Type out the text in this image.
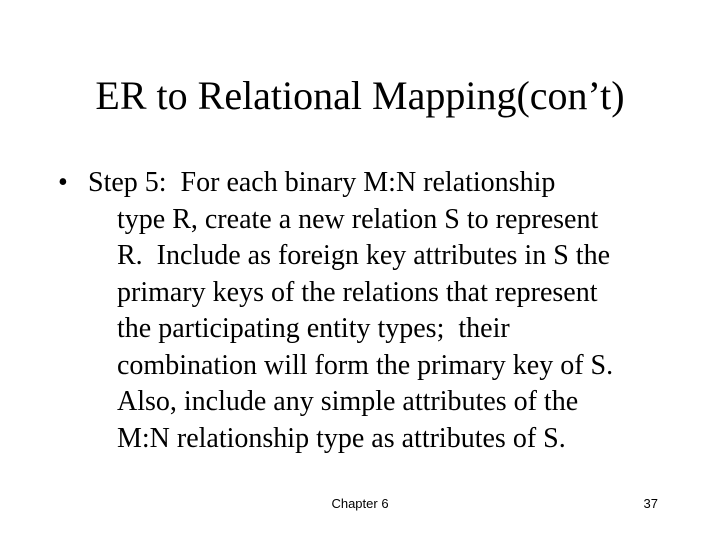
ER to Relational Mapping(con’t)
• Step 5:  For each binary M:N relationship
type R, create a new relation S to represent
R.  Include as foreign key attributes in S the
primary keys of the relations that represent
the participating entity types;  their
combination will form the primary key of S.
Also, include any simple attributes of the
M:N relationship type as attributes of S.
Chapter 6	37
